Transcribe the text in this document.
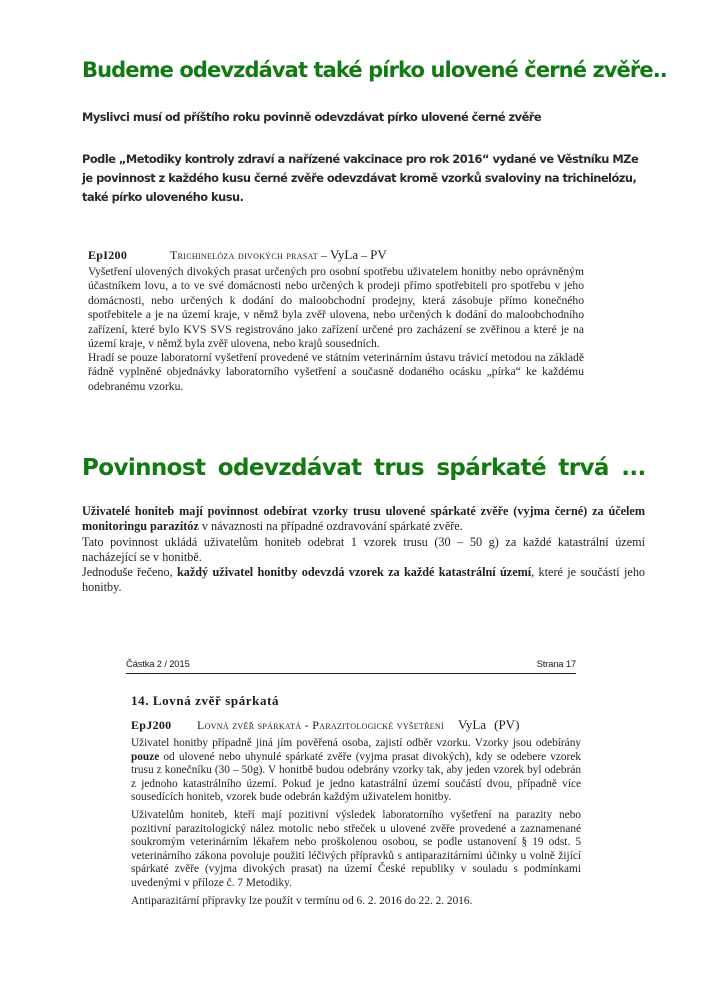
Budeme odevzdávat také pírko ulovené černé zvěře..
Myslivci musí od příštího roku povinně odevzdávat pírko ulovené černé zvěře
Podle „Metodiky kontroly zdraví a nařízené vakcinace pro rok 2016“ vydané ve Věstníku MZe je povinnost z každého kusu černé zvěře odevzdávat kromě vzorků svaloviny na trichinelózu, také pírko uloveného kusu.
EpI200	Trichinelóza divokých prasat – VyLa – PV

Vyšetření ulovených divokých prasat určených pro osobní spotřebu uživatelem honitby nebo oprávněným účastníkem lovu, a to ve své domácnosti nebo určených k prodeji přímo spotřebiteli pro spotřebu v jeho domácnosti, nebo určených k dodání do maloobchodní prodejny, která zásobuje přímo konečného spotřebitele a je na území kraje, v němž byla zvěř ulovena, nebo určených k dodání do maloobchodního zařízení, které bylo KVS SVS registrováno jako zařízení určené pro zacházení se zvěřinou a které je na území kraje, v němž byla zvěř ulovena, nebo krajů sousedních.

Hradí se pouze laboratorní vyšetření provedené ve státním veterinárním ústavu trávicí metodou na základě řádně vyplněné objednávky laboratorního vyšetření a současně dodaného ocásku „pírka“ ke každému odebranému vzorku.

Povinnost odevzdávat trus spárkaté trvá ...

Uživatelé honiteb mají povinnost odebírat vzorky trusu ulovené spárkaté zvěře (vyjma černé) za účelem monitoringu parazitóz v návaznosti na případné ozdravování spárkaté zvěře.

Tato povinnost ukládá uživatelům honiteb odebrat 1 vzorek trusu (30 – 50 g) za každé katastrální území nacházející se v honitbě.

Jednoduše řečeno, každý uživatel honitby odevzdá vzorek za každé katastrální území, které je součástí jeho honitby.

Částka 2 / 2015	Strana 17
14. Lovná zvěř spárkatá
EpJ200 Lovná zvěř spárkatá - Parazitologické vyšetření VyLa (PV)

Uživatel honitby případně jiná jím pověřená osoba, zajistí odběr vzorku. Vzorky jsou odebírány pouze od ulovené nebo uhynulé spárkaté zvěře (vyjma prasat divokých), kdy se odebere vzorek trusu z konečníku (30 – 50g). V honitbě budou odebrány vzorky tak, aby jeden vzorek byl odebrán z jednoho katastrálního území. Pokud je jedno katastrální území součástí dvou, případně více sousedících honiteb, vzorek bude odebrán každým uživatelem honitby.

Uživatelům honiteb, kteří mají pozitivní výsledek laboratorního vyšetření na parazity nebo pozitivní parazitologický nález motolic nebo střeček u ulovené zvěře provedené a zaznamenané soukromým veterinárním lékařem nebo proškolenou osobou, se podle ustanovení § 19 odst. 5 veterinárního zákona povoluje použití léčivých přípravků s antiparazitárními účinky u volně žijící spárkaté zvěře (vyjma divokých prasat) na území České republiky v souladu s podmínkami uvedenými v příloze č. 7 Metodiky.

Antiparazitární přípravky lze použít v termínu od 6. 2. 2016 do 22. 2. 2016.
